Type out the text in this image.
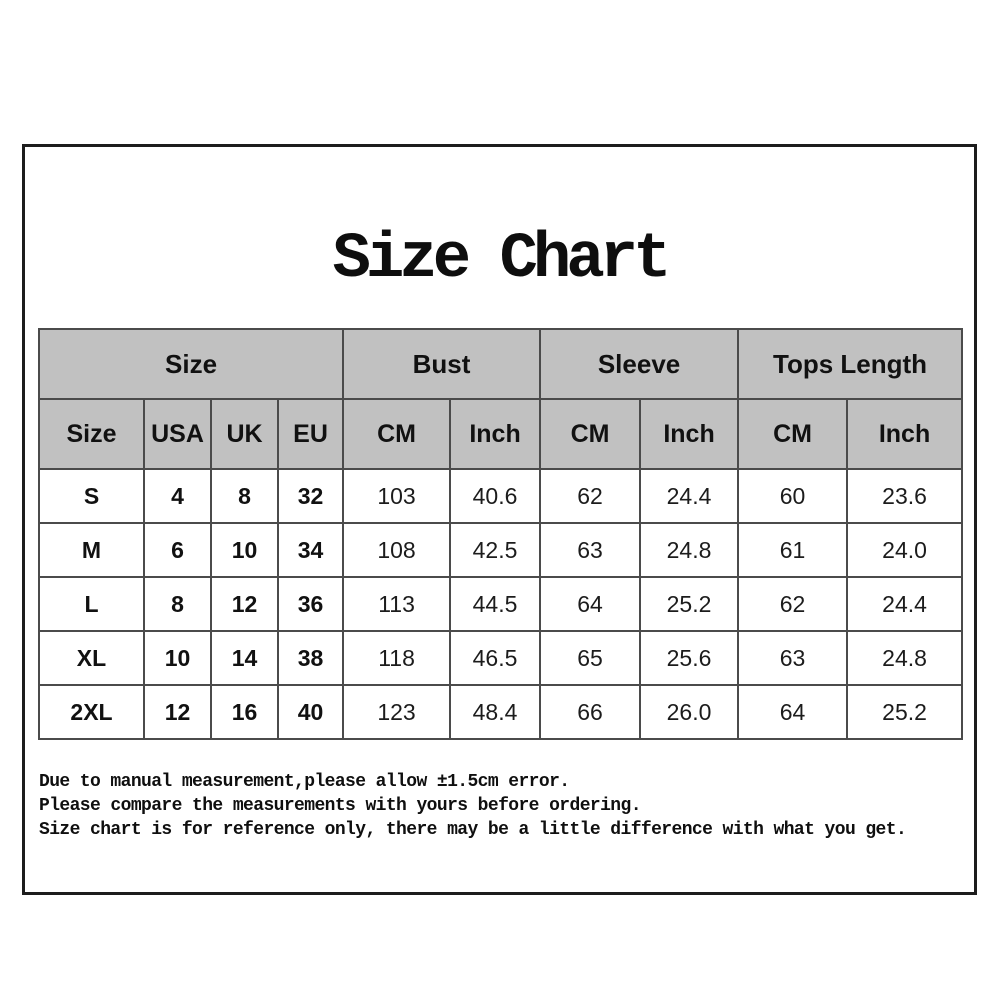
Size Chart
Size				Bust		Sleeve		Tops Length	
Size	USA	UK	EU	CM	Inch	CM	Inch	CM	Inch
S	4	8	32	103	40.6	62	24.4	60	23.6
M	6	10	34	108	42.5	63	24.8	61	24.0
L	8	12	36	113	44.5	64	25.2	62	24.4
XL	10	14	38	118	46.5	65	25.6	63	24.8
2XL	12	16	40	123	48.4	66	26.0	64	25.2
Due to manual measurement,please allow ±1.5cm error.
Please compare the measurements with yours before ordering.
Size chart is for reference only, there may be a little difference with what you get.
